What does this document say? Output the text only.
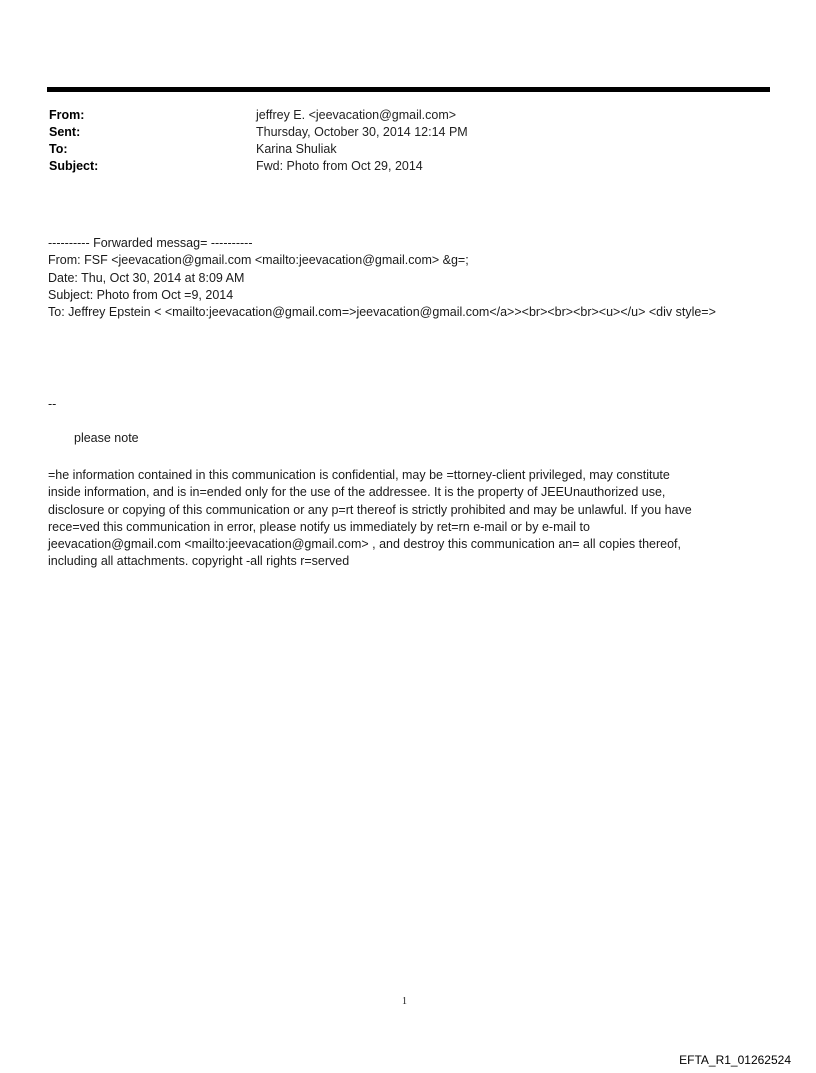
From:	jeffrey E. <jeevacation@gmail.com>
Sent:	Thursday, October 30, 2014 12:14 PM
To:	Karina Shuliak
Subject:	Fwd: Photo from Oct 29, 2014
---------- Forwarded messag= ----------
From: FSF <jeevacation@gmail.com <mailto:jeevacation@gmail.com> &g=;
Date: Thu, Oct 30, 2014 at 8:09 AM
Subject: Photo from Oct =9, 2014
To: Jeffrey Epstein < <mailto:jeevacation@gmail.com=>jeevacation@gmail.com</a>><br><br><br><u></u> <div style=>
--
please note
=he information contained in this communication is confidential, may be =ttorney-client privileged, may constitute
inside information, and is in=ended only for the use of the addressee. It is the property of JEEUnauthorized use,
disclosure or copying of this communication or any p=rt thereof is strictly prohibited and may be unlawful. If you have
rece=ved this communication in error, please notify us immediately by ret=rn e-mail or by e-mail to
jeevacation@gmail.com <mailto:jeevacation@gmail.com> , and destroy this communication an= all copies thereof,
including all attachments. copyright -all rights r=served
1
EFTA_R1_01262524
